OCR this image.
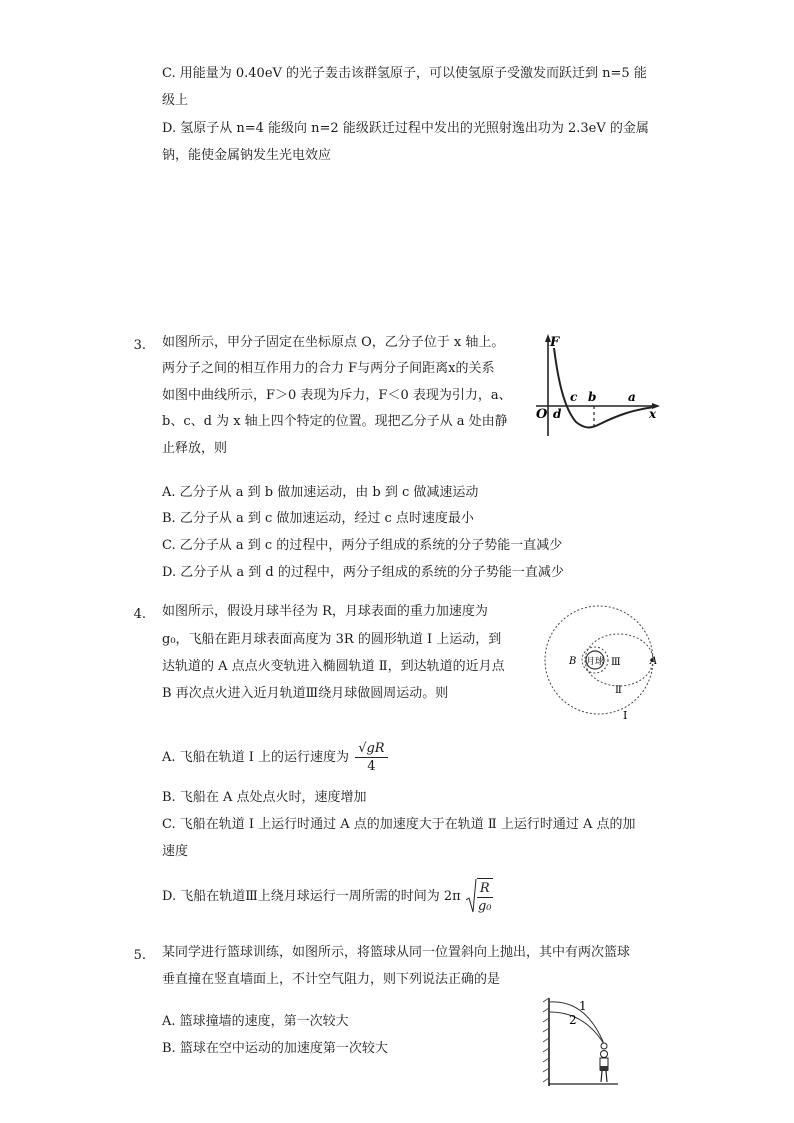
C. 用能量为 0.40eV 的光子轰击该群氢原子，可以使氢原子受激发而跃迁到 n=5 能
级上
D. 氢原子从 n=4 能级向 n=2 能级跃迁过程中发出的光照射逸出功为 2.3eV 的金属
钠，能使金属钠发生光电效应
3. 如图所示，甲分子固定在坐标原点 O，乙分子位于 x 轴上。
两分子之间的相互作用力的合力 F与两分子间距离x的关系
如图中曲线所示，F＞0 表现为斥力，F＜0 表现为引力，a、
b、c、d 为 x 轴上四个特定的位置。现把乙分子从 a 处由静
止释放，则
F
O d
c b	a
x
A. 乙分子从 a 到 b 做加速运动，由 b 到 c 做减速运动
B. 乙分子从 a 到 c 做加速运动，经过 c 点时速度最小
C. 乙分子从 a 到 c 的过程中，两分子组成的系统的分子势能一直减少
D. 乙分子从 a 到 d 的过程中，两分子组成的系统的分子势能一直减少
4. 如图所示，假设月球半径为 R，月球表面的重力加速度为
g₀，飞船在距月球表面高度为 3R 的圆形轨道 Ⅰ 上运动，到
达轨道的 A 点点火变轨进入椭圆轨道 Ⅱ，到达轨道的近月点
B 再次点火进入近月轨道Ⅲ绕月球做圆周运动。则
B 月球 Ⅲ	A
Ⅱ
Ⅰ
A. 飞船在轨道 Ⅰ 上的运行速度为 $\frac{√gR}{4}$
B. 飞船在 A 点处点火时，速度增加
C. 飞船在轨道 Ⅰ 上运行时通过 A 点的加速度大于在轨道 Ⅱ 上运行时通过 A 点的加
速度
D. 飞船在轨道Ⅲ上绕月球运行一周所需的时间为 $2\pi \frac{R}{\text{g₀}}$
5. 某同学进行篮球训练，如图所示，将篮球从同一位置斜向上抛出，其中有两次篮球
垂直撞在竖直墙面上，不计空气阻力，则下列说法正确的是
A. 篮球撞墙的速度，第一次较大
B. 篮球在空中运动的加速度第一次较大
1
2
